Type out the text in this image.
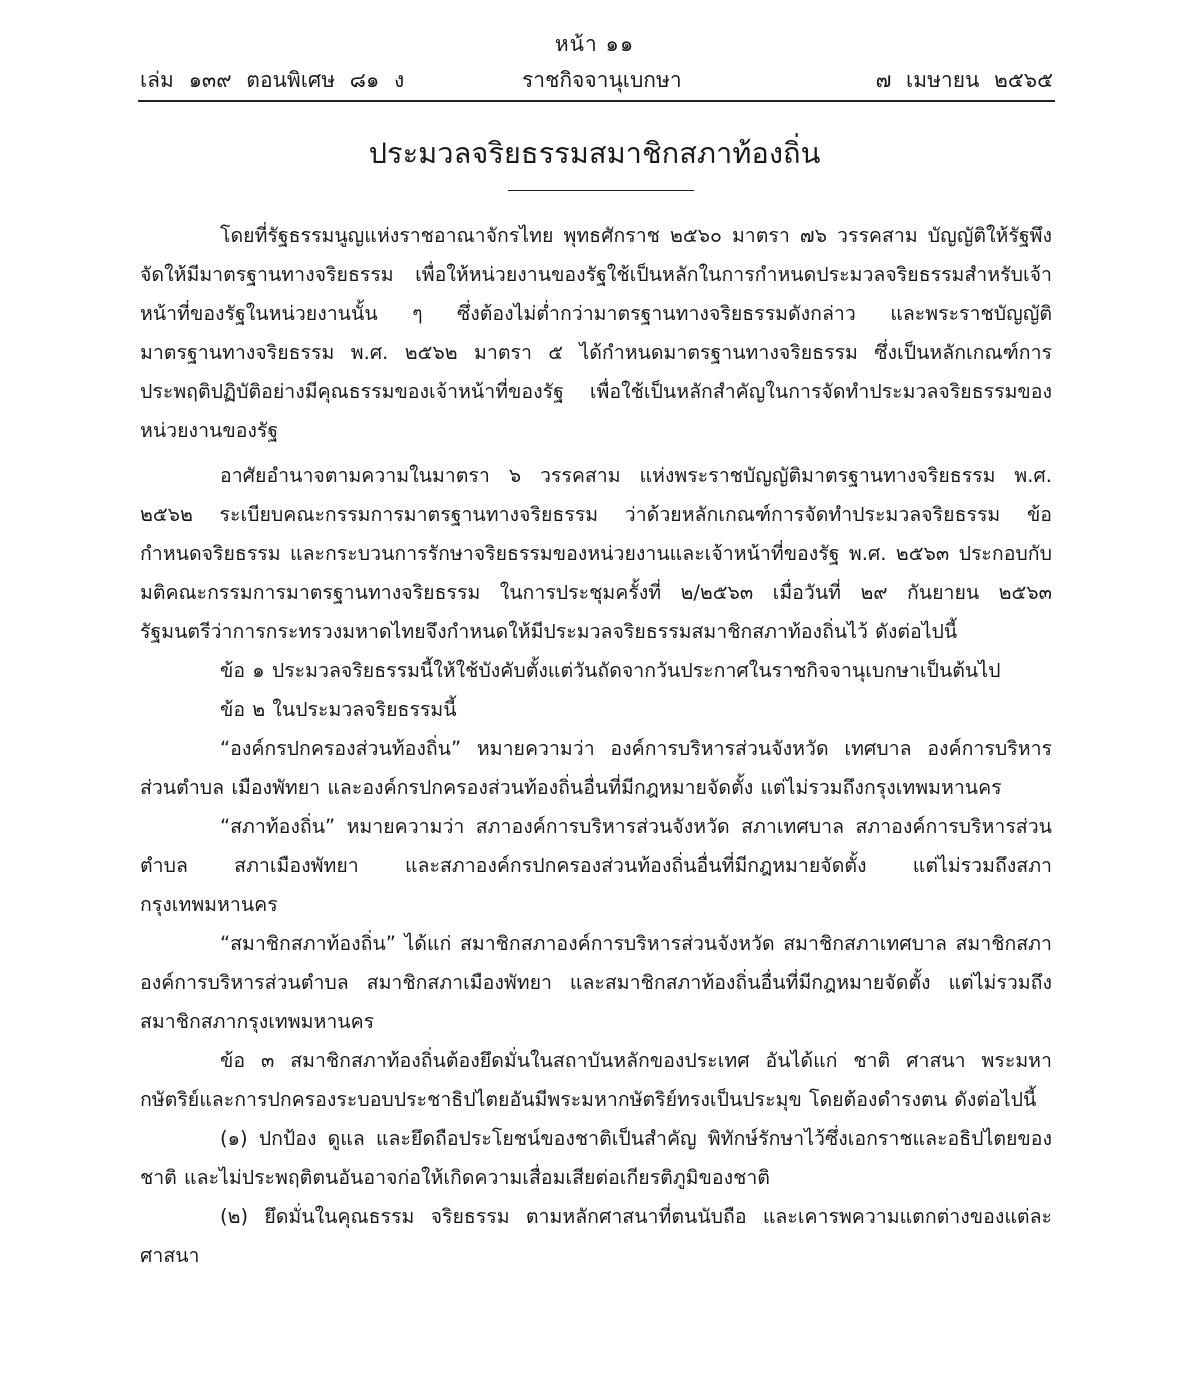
หน้า ๑๑
เล่ม ๑๓๙ ตอนพิเศษ ๘๑ ง	ราชกิจจานุเบกษา	๗ เมษายน ๒๕๖๕
ประมวลจริยธรรมสมาชิกสภาท้องถิ่น

โดยที่รัฐธรรมนูญแห่งราชอาณาจักรไทย พุทธศักราช ๒๕๖๐ มาตรา ๗๖ วรรคสาม บัญญัติให้รัฐพึงจัดให้มีมาตรฐานทางจริยธรรม เพื่อให้หน่วยงานของรัฐใช้เป็นหลักในการกำหนดประมวลจริยธรรมสำหรับเจ้าหน้าที่ของรัฐในหน่วยงานนั้น ๆ ซึ่งต้องไม่ต่ำกว่ามาตรฐานทางจริยธรรมดังกล่าว และพระราชบัญญัติมาตรฐานทางจริยธรรม พ.ศ. ๒๕๖๒ มาตรา ๕ ได้กำหนดมาตรฐานทางจริยธรรม ซึ่งเป็นหลักเกณฑ์การประพฤติปฏิบัติอย่างมีคุณธรรมของเจ้าหน้าที่ของรัฐ เพื่อใช้เป็นหลักสำคัญในการจัดทำประมวลจริยธรรมของหน่วยงานของรัฐ

อาศัยอำนาจตามความในมาตรา ๖ วรรคสาม แห่งพระราชบัญญัติมาตรฐานทางจริยธรรม พ.ศ. ๒๕๖๒ ระเบียบคณะกรรมการมาตรฐานทางจริยธรรม ว่าด้วยหลักเกณฑ์การจัดทำประมวลจริยธรรม ข้อกำหนดจริยธรรม และกระบวนการรักษาจริยธรรมของหน่วยงานและเจ้าหน้าที่ของรัฐ พ.ศ. ๒๕๖๓ ประกอบกับมติคณะกรรมการมาตรฐานทางจริยธรรม ในการประชุมครั้งที่ ๒/๒๕๖๓ เมื่อวันที่ ๒๙ กันยายน ๒๕๖๓ รัฐมนตรีว่าการกระทรวงมหาดไทยจึงกำหนดให้มีประมวลจริยธรรมสมาชิกสภาท้องถิ่นไว้ ดังต่อไปนี้

ข้อ ๑ ประมวลจริยธรรมนี้ให้ใช้บังคับตั้งแต่วันถัดจากวันประกาศในราชกิจจานุเบกษาเป็นต้นไป

ข้อ ๒ ในประมวลจริยธรรมนี้

“องค์กรปกครองส่วนท้องถิ่น” หมายความว่า องค์การบริหารส่วนจังหวัด เทศบาล องค์การบริหารส่วนตำบล เมืองพัทยา และองค์กรปกครองส่วนท้องถิ่นอื่นที่มีกฎหมายจัดตั้ง แต่ไม่รวมถึงกรุงเทพมหานคร

“สภาท้องถิ่น” หมายความว่า สภาองค์การบริหารส่วนจังหวัด สภาเทศบาล สภาองค์การบริหารส่วนตำบล สภาเมืองพัทยา และสภาองค์กรปกครองส่วนท้องถิ่นอื่นที่มีกฎหมายจัดตั้ง แต่ไม่รวมถึงสภากรุงเทพมหานคร

“สมาชิกสภาท้องถิ่น” ได้แก่ สมาชิกสภาองค์การบริหารส่วนจังหวัด สมาชิกสภาเทศบาล สมาชิกสภาองค์การบริหารส่วนตำบล สมาชิกสภาเมืองพัทยา และสมาชิกสภาท้องถิ่นอื่นที่มีกฎหมายจัดตั้ง แต่ไม่รวมถึงสมาชิกสภากรุงเทพมหานคร

ข้อ ๓ สมาชิกสภาท้องถิ่นต้องยึดมั่นในสถาบันหลักของประเทศ อันได้แก่ ชาติ ศาสนา พระมหากษัตริย์และการปกครองระบอบประชาธิปไตยอันมีพระมหากษัตริย์ทรงเป็นประมุข โดยต้องดำรงตน ดังต่อไปนี้

(๑) ปกป้อง ดูแล และยึดถือประโยชน์ของชาติเป็นสำคัญ พิทักษ์รักษาไว้ซึ่งเอกราชและอธิปไตยของชาติ และไม่ประพฤติตนอันอาจก่อให้เกิดความเสื่อมเสียต่อเกียรติภูมิของชาติ

(๒) ยึดมั่นในคุณธรรม จริยธรรม ตามหลักศาสนาที่ตนนับถือ และเคารพความแตกต่างของแต่ละศาสนา
